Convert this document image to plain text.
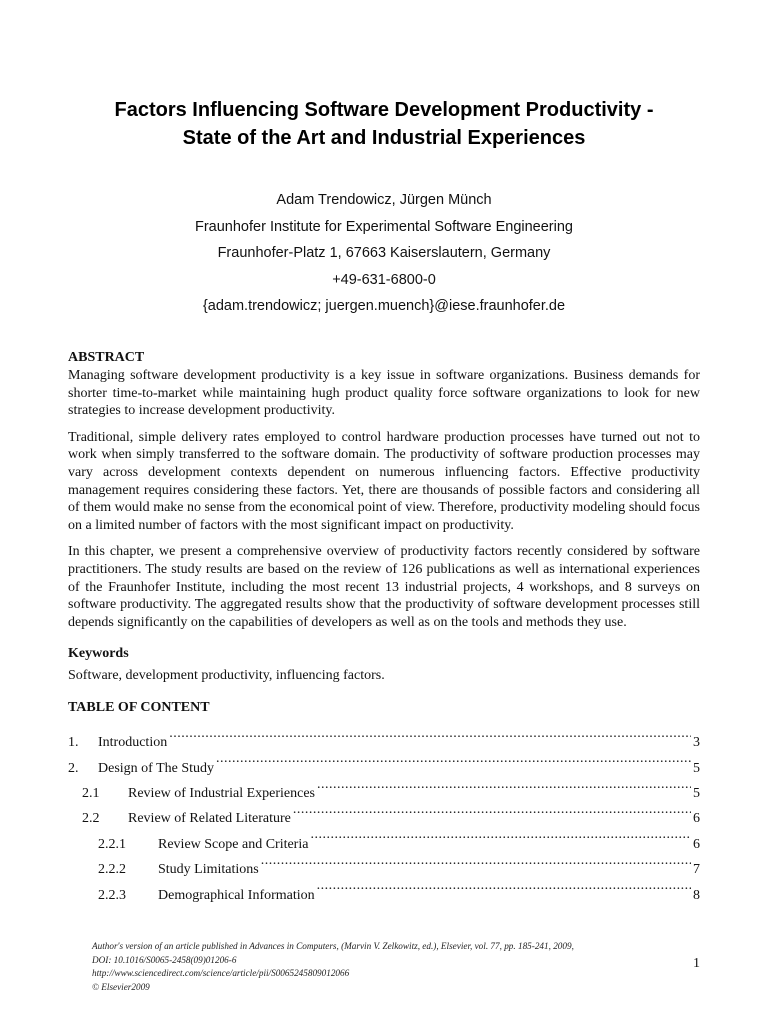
Factors Influencing Software Development Productivity -
State of the Art and Industrial Experiences
Adam Trendowicz, Jürgen Münch
Fraunhofer Institute for Experimental Software Engineering
Fraunhofer-Platz 1, 67663 Kaiserslautern, Germany
+49-631-6800-0
{adam.trendowicz; juergen.muench}@iese.fraunhofer.de
ABSTRACT

Managing software development productivity is a key issue in software organizations. Business demands for shorter time-to-market while maintaining hugh product quality force software organizations to look for new strategies to increase development productivity.

Traditional, simple delivery rates employed to control hardware production processes have turned out not to work when simply transferred to the software domain. The productivity of software production processes may vary across development contexts dependent on numerous influencing factors. Effective productivity management requires considering these factors. Yet, there are thousands of possible factors and considering all of them would make no sense from the economical point of view. Therefore, productivity modeling should focus on a limited number of factors with the most significant impact on productivity.

In this chapter, we present a comprehensive overview of productivity factors recently considered by software practitioners. The study results are based on the review of 126 publications as well as international experiences of the Fraunhofer Institute, including the most recent 13 industrial projects, 4 workshops, and 8 surveys on software productivity. The aggregated results show that the productivity of software development processes still depends significantly on the capabilities of developers as well as on the tools and methods they use.

Keywords
Software, development productivity, influencing factors.
TABLE OF CONTENT
1.	Introduction .....	3
2.	Design of The Study .....	5
2.1	Review of Industrial Experiences .....	5
2.2	Review of Related Literature .....	6
2.2.1	Review Scope and Criteria .....	6
2.2.2	Study Limitations .....	7
2.2.3	Demographical Information .....	8
Author's version of an article published in Advances in Computers, (Marvin V. Zelkowitz, ed.), Elsevier, vol. 77, pp. 185-241, 2009,
DOI: 10.1016/S0065-2458(09)01206-6
http://www.sciencedirect.com/science/article/pii/S0065245809012066
© Elsevier2009
1
